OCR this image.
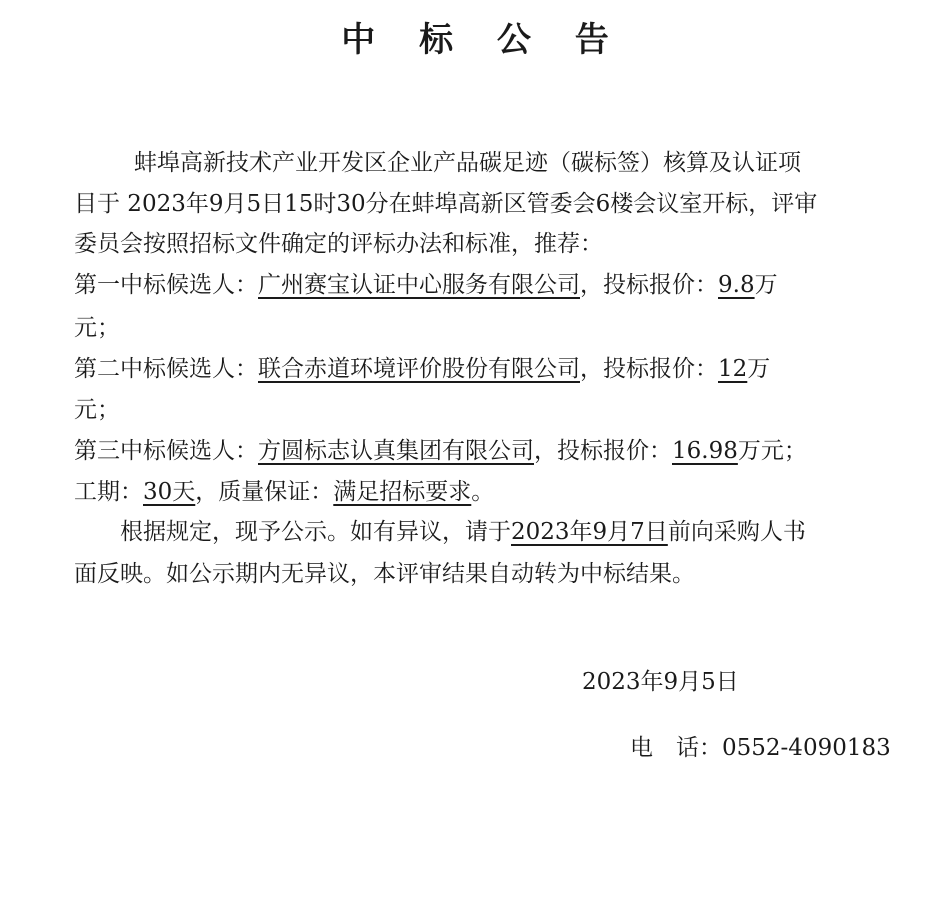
中 标 公 告
蚌埠高新技术产业开发区企业产品碳足迹（碳标签）核算及认证项
目于 2023年9月5日15时30分在蚌埠高新区管委会6楼会议室开标，评审
委员会按照招标文件确定的评标办法和标准，推荐：
第一中标候选人：广州赛宝认证中心服务有限公司，投标报价：9.8万
元；
第二中标候选人：联合赤道环境评价股份有限公司，投标报价：12万
元；
第三中标候选人：方圆标志认真集团有限公司，投标报价：16.98万元；
工期：30天，质量保证：满足招标要求。
根据规定，现予公示。如有异议，请于2023年9月7日前向采购人书
面反映。如公示期内无异议，本评审结果自动转为中标结果。
2023年9月5日
电　话：0552-4090183
